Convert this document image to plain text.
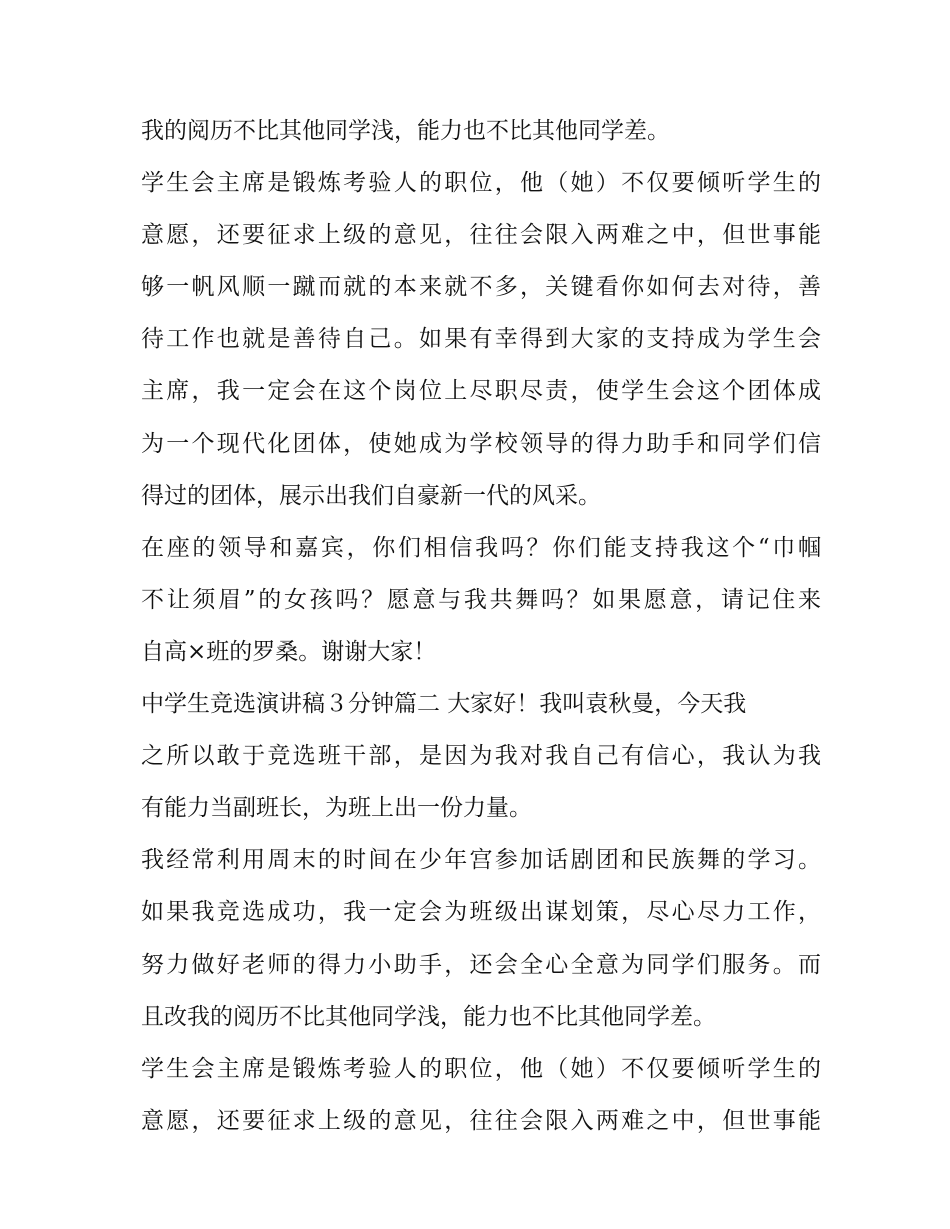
我的阅历不比其他同学浅，能力也不比其他同学差。
学生会主席是锻炼考验人的职位，他（她）不仅要倾听学生的
意愿，还要征求上级的意见，往往会限入两难之中，但世事能
够一帆风顺一蹴而就的本来就不多，关键看你如何去对待，善
待工作也就是善待自己。如果有幸得到大家的支持成为学生会
主席，我一定会在这个岗位上尽职尽责，使学生会这个团体成
为一个现代化团体，使她成为学校领导的得力助手和同学们信
得过的团体，展示出我们自豪新一代的风采。
在座的领导和嘉宾，你们相信我吗？你们能支持我这个“巾帼
不让须眉”的女孩吗？愿意与我共舞吗？如果愿意，请记住来
自高×班的罗桑。谢谢大家！
中学生竞选演讲稿３分钟篇二 大家好！我叫袁秋曼，今天我
之所以敢于竞选班干部，是因为我对我自己有信心，我认为我
有能力当副班长，为班上出一份力量。
我经常利用周末的时间在少年宫参加话剧团和民族舞的学习。
如果我竞选成功，我一定会为班级出谋划策，尽心尽力工作，
努力做好老师的得力小助手，还会全心全意为同学们服务。而
且改我的阅历不比其他同学浅，能力也不比其他同学差。
学生会主席是锻炼考验人的职位，他（她）不仅要倾听学生的
意愿，还要征求上级的意见，往往会限入两难之中，但世事能
